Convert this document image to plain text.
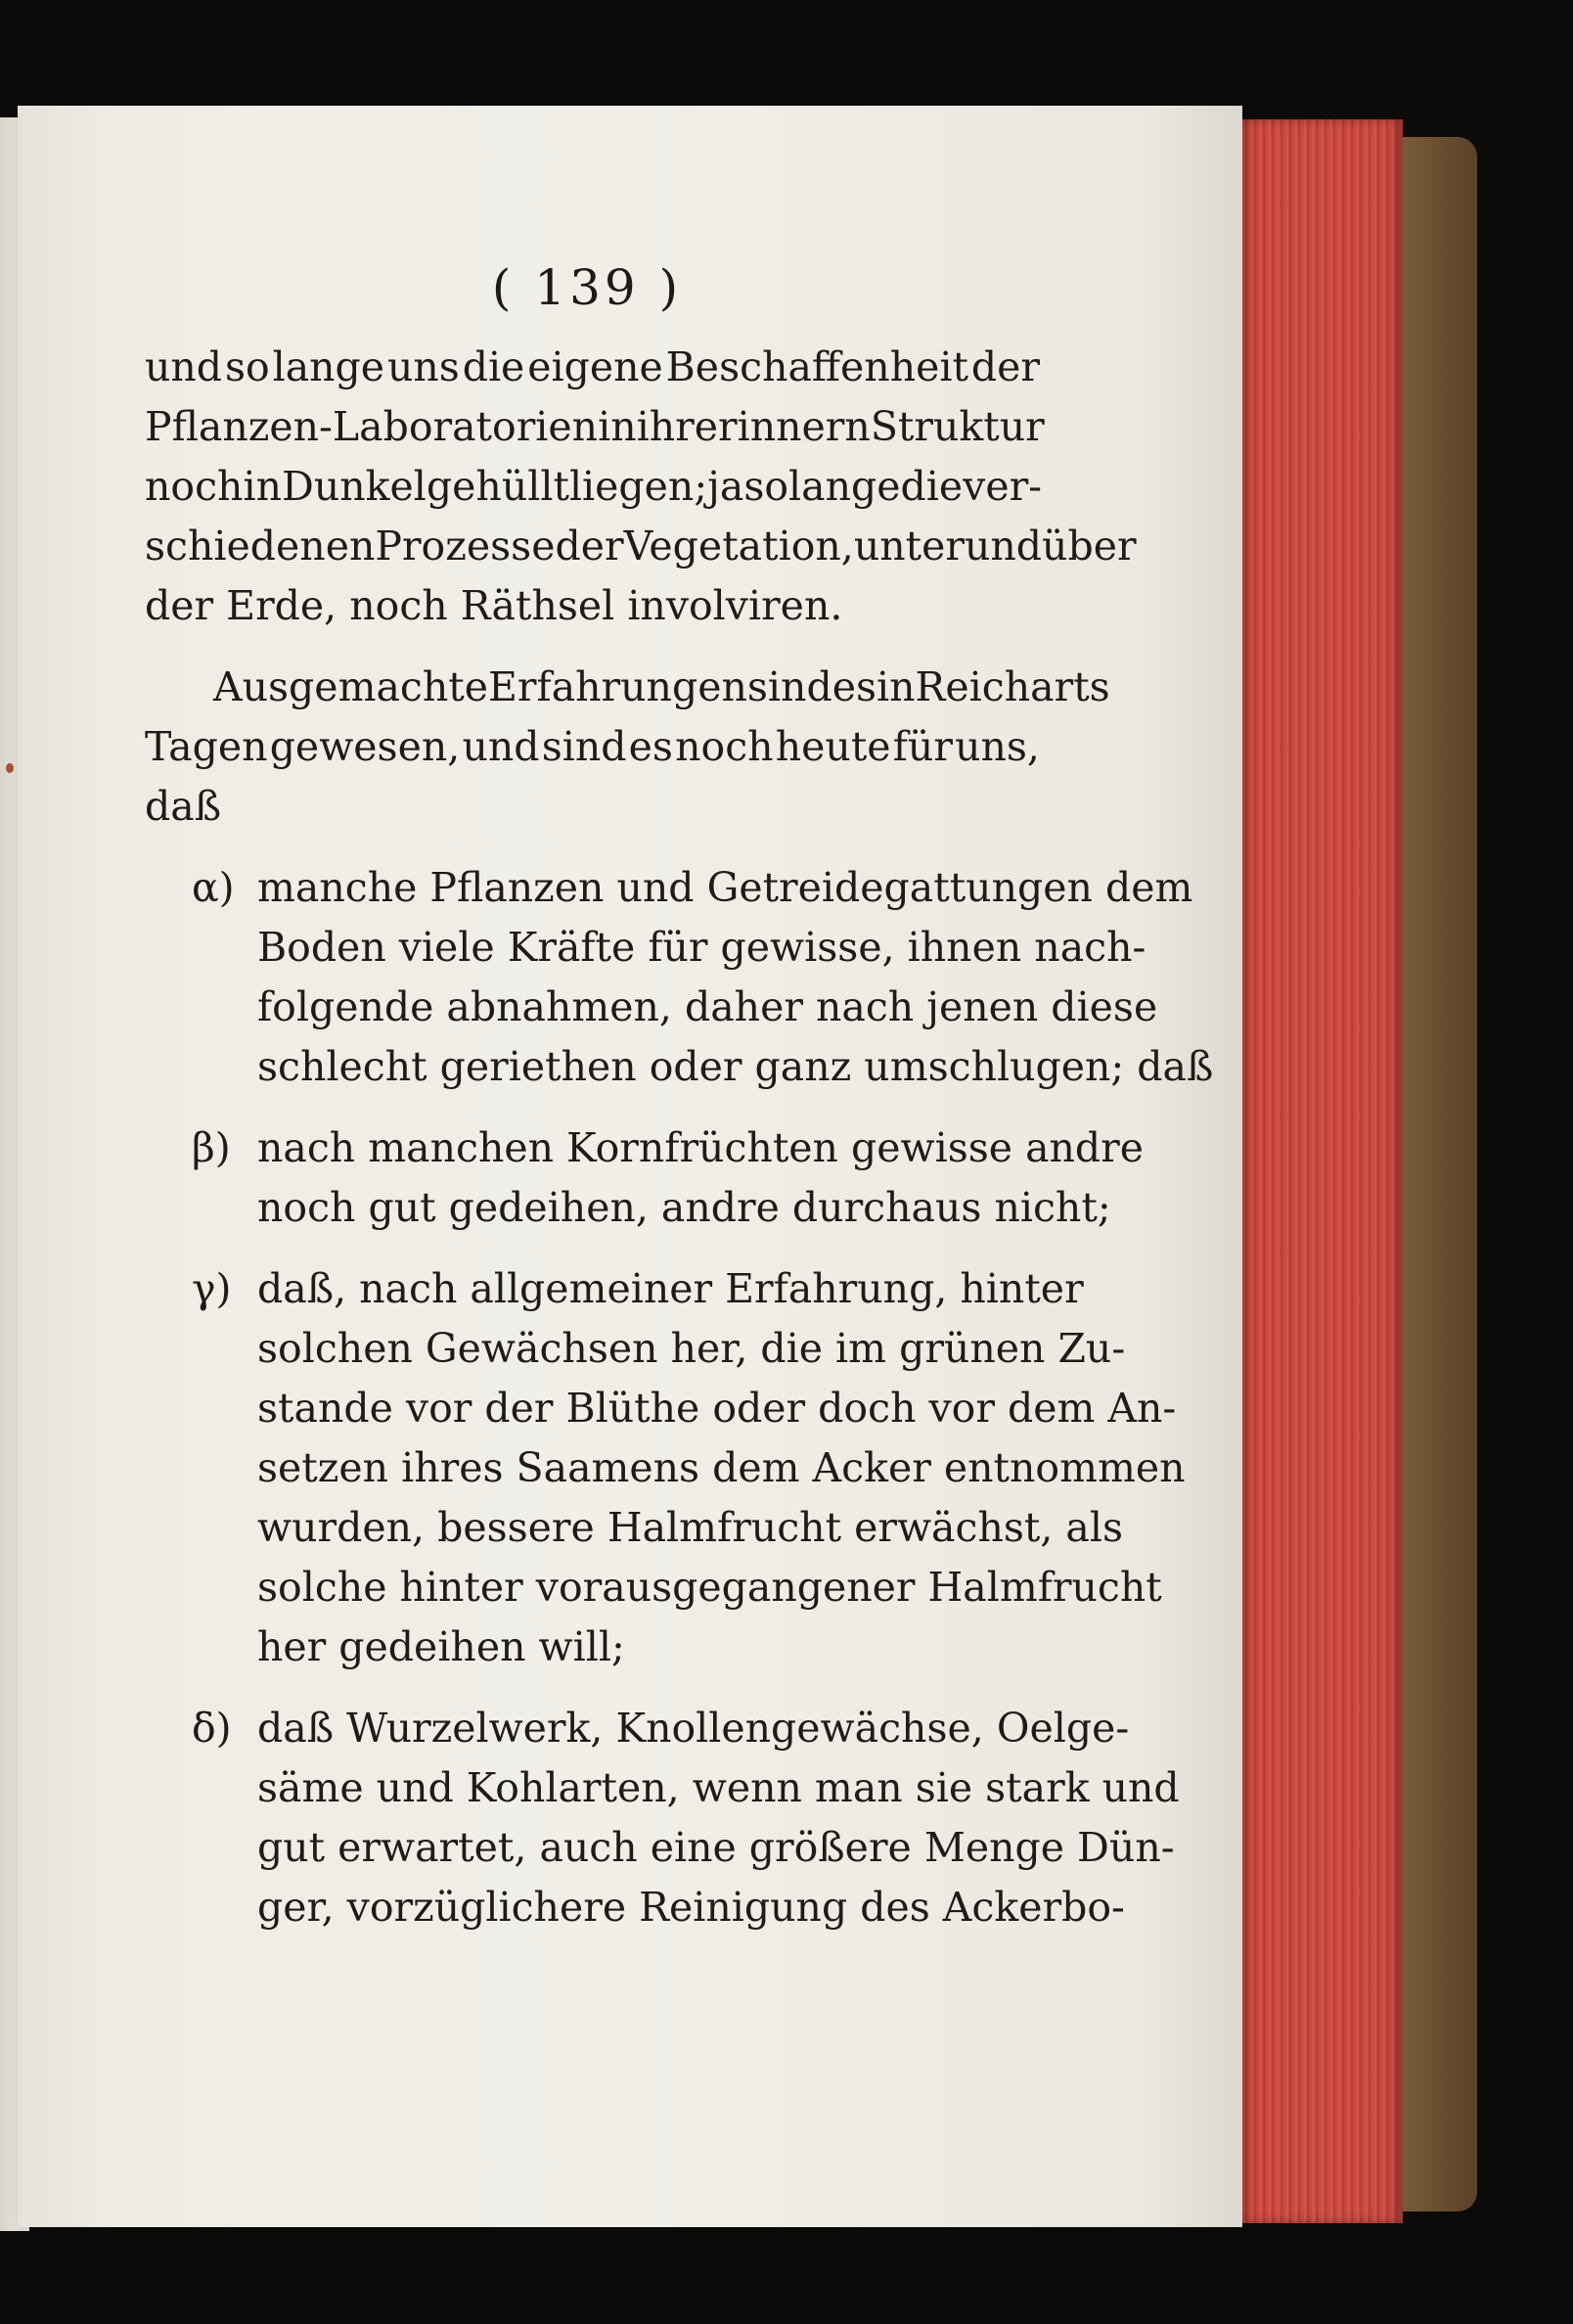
( 139 )
und so lange uns die eigene Beschaffenheit der
Pflanzen-Laboratorien in ihrer innern Struktur
noch in Dunkel gehüllt liegen; ja so lange die ver-
schiedenen Prozesse der Vegetation, unter und über
der Erde, noch Räthsel involviren.
Ausgemachte Erfahrungen sind es in Reicharts
Tagen gewesen, und sind es noch heute für uns,
daß
α) manche Pflanzen und Getreidegattungen dem
Boden viele Kräfte für gewisse, ihnen nach-
folgende abnahmen, daher nach jenen diese
schlecht geriethen oder ganz umschlugen; daß
β) nach manchen Kornfrüchten gewisse andre
noch gut gedeihen, andre durchaus nicht;
γ) daß, nach allgemeiner Erfahrung, hinter
solchen Gewächsen her, die im grünen Zu-
stande vor der Blüthe oder doch vor dem An-
setzen ihres Saamens dem Acker entnommen
wurden, bessere Halmfrucht erwächst, als
solche hinter vorausgegangener Halmfrucht
her gedeihen will;
δ) daß Wurzelwerk, Knollengewächse, Oelge-
säme und Kohlarten, wenn man sie stark und
gut erwartet, auch eine größere Menge Dün-
ger, vorzüglichere Reinigung des Ackerbo-
